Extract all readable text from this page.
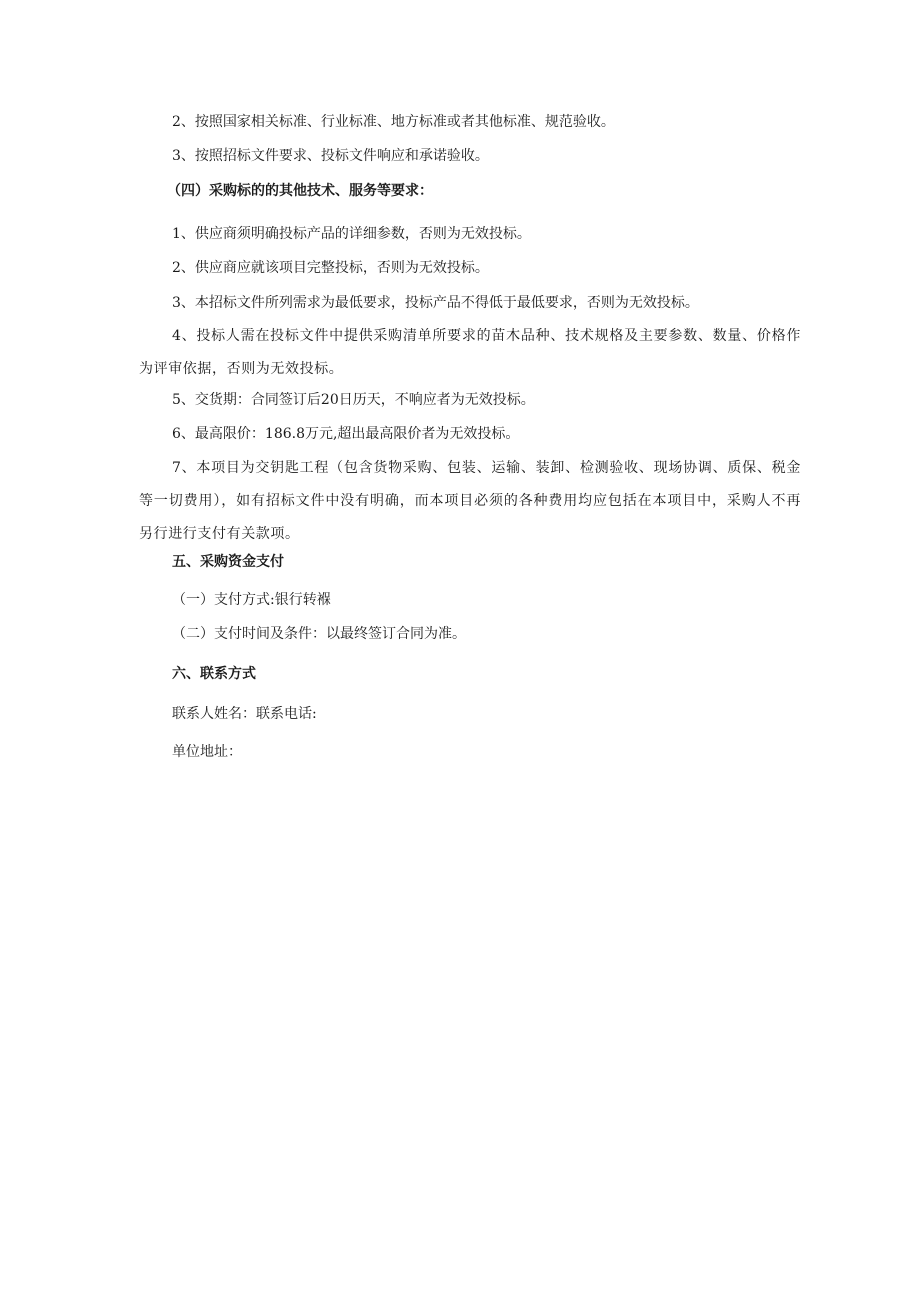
2、按照国家相关标准、行业标准、地方标准或者其他标准、规范验收。
3、按照招标文件要求、投标文件响应和承诺验收。
（四）采购标的的其他技术、服务等要求：
1、供应商须明确投标产品的详细参数，否则为无效投标。
2、供应商应就该项目完整投标，否则为无效投标。
3、本招标文件所列需求为最低要求，投标产品不得低于最低要求，否则为无效投标。
4、投标人需在投标文件中提供采购清单所要求的苗木品种、技术规格及主要参数、数量、价格作为评审依据，否则为无效投标。
5、交货期：合同签订后20日历天，不响应者为无效投标。
6、最高限价：186.8万元,超出最高限价者为无效投标。
7、本项目为交钥匙工程（包含货物采购、包装、运输、装卸、检测验收、现场协调、质保、税金等一切费用），如有招标文件中没有明确，而本项目必须的各种费用均应包括在本项目中，采购人不再另行进行支付有关款项。
五、采购资金支付
（一）支付方式:银行转褓
（二）支付时间及条件：以最终签订合同为准。
六、联系方式
联系人姓名：联系电话:
单位地址：
